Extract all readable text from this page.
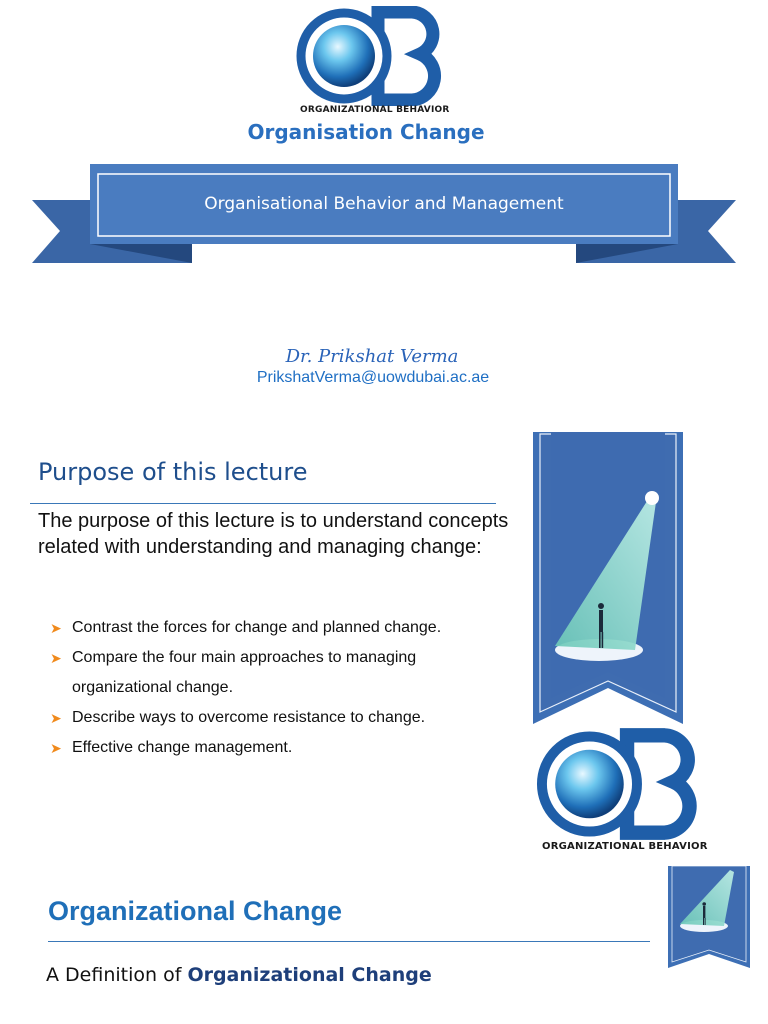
ORGANIZATIONAL BEHAVIOR
Organisation Change
Organisational Behavior and Management
Dr. Prikshat Verma
PrikshatVerma@uowdubai.ac.ae
Purpose of this lecture
The purpose of this lecture is to understand concepts related with understanding and managing change:
➤ Contrast the forces for change and planned change.
➤ Compare the four main approaches to managing organizational change.
➤ Describe ways to overcome resistance to change.
➤ Effective change management.
ORGANIZATIONAL BEHAVIOR
Organizational Change
A Definition of Organizational Change
